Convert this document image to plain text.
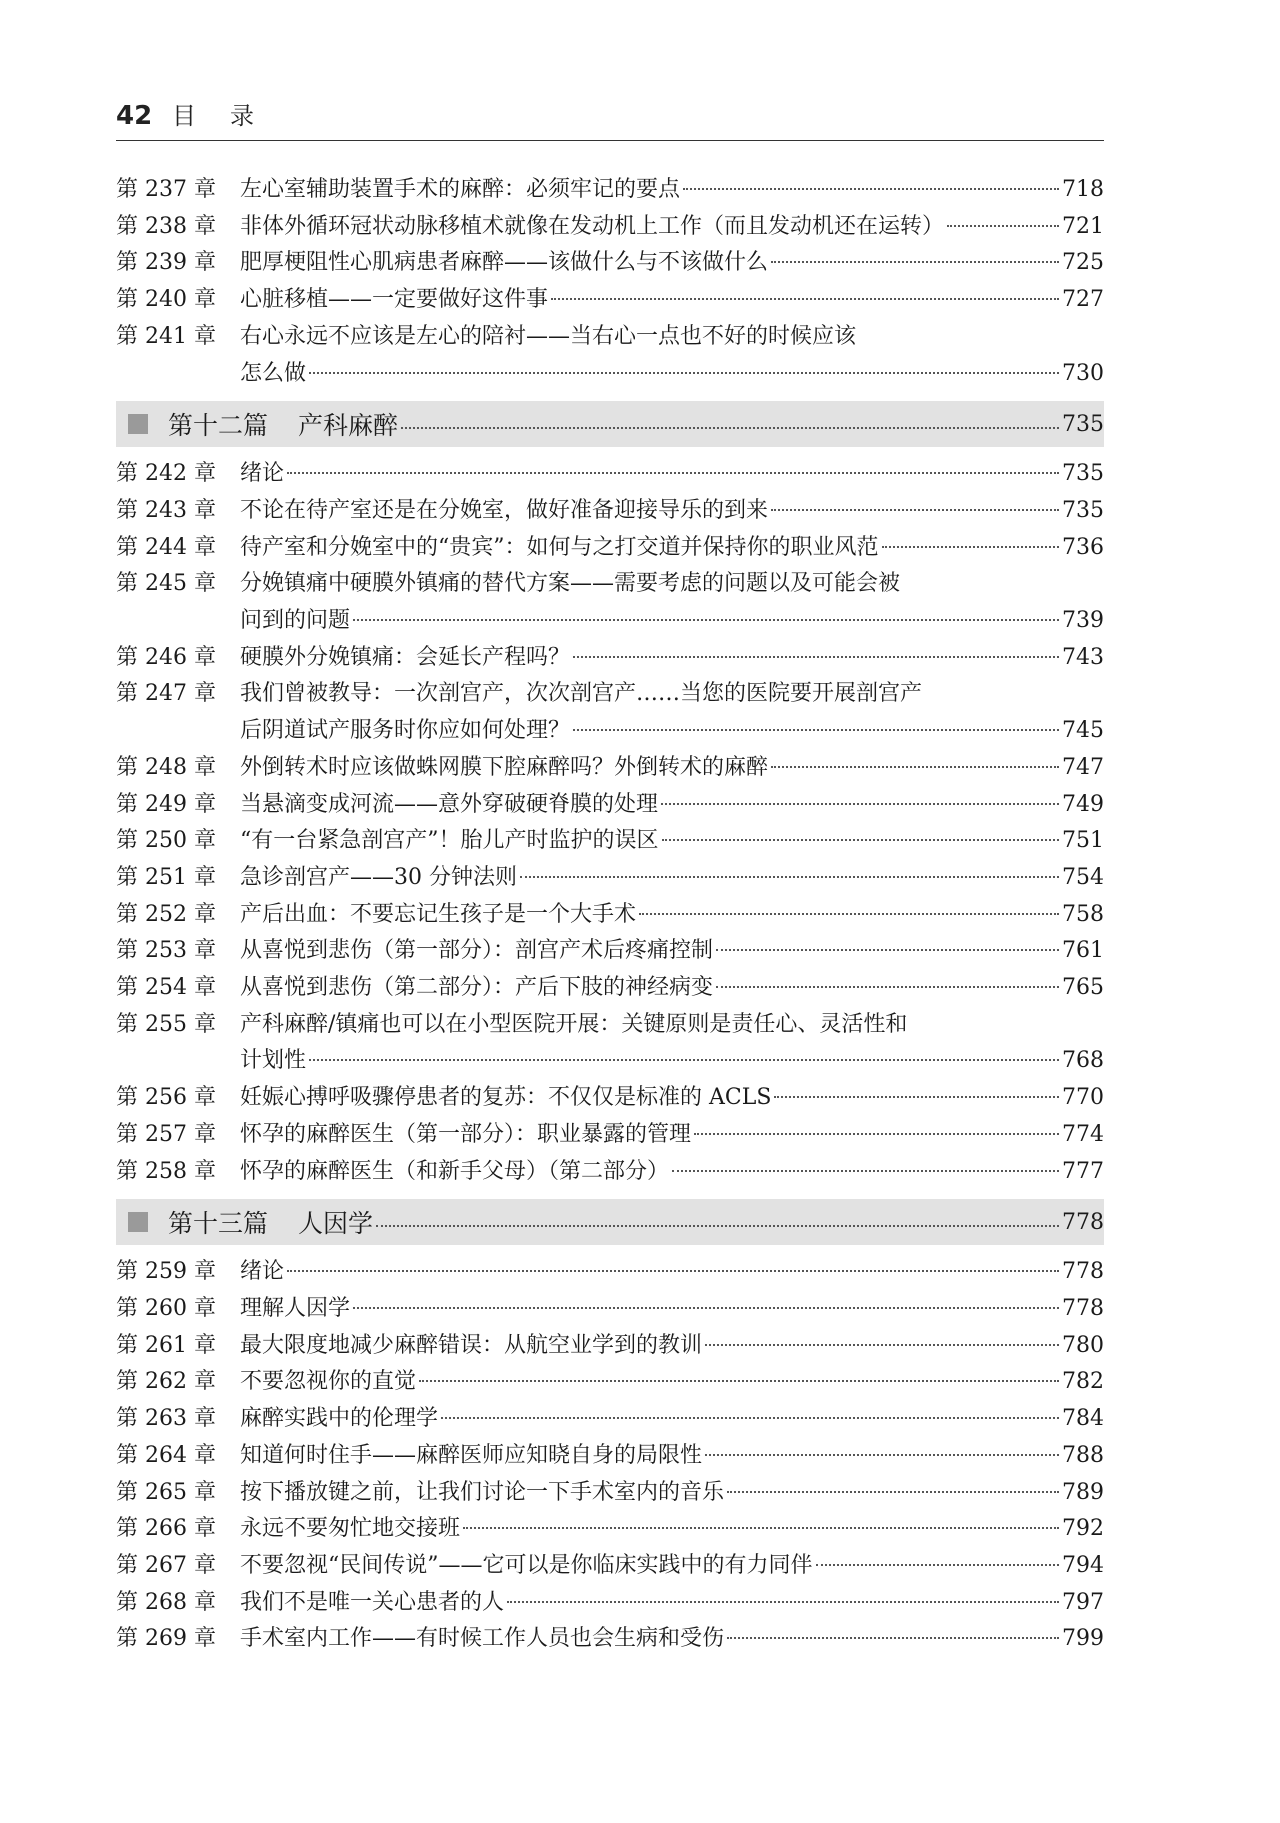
42 目录
第 237 章	左心室辅助装置手术的麻醉：必须牢记的要点	718
第 238 章	非体外循环冠状动脉移植术就像在发动机上工作（而且发动机还在运转）	721
第 239 章	肥厚梗阻性心肌病患者麻醉——该做什么与不该做什么	725
第 240 章	心脏移植——一定要做好这件事	727
第 241 章	右心永远不应该是左心的陪衬——当右心一点也不好的时候应该
怎么做	730
第十二篇 产科麻醉	735
第 242 章	绪论	735
第 243 章	不论在待产室还是在分娩室，做好准备迎接导乐的到来	735
第 244 章	待产室和分娩室中的“贵宾”：如何与之打交道并保持你的职业风范	736
第 245 章	分娩镇痛中硬膜外镇痛的替代方案——需要考虑的问题以及可能会被
问到的问题	739
第 246 章	硬膜外分娩镇痛：会延长产程吗？	743
第 247 章	我们曾被教导：一次剖宫产，次次剖宫产……当您的医院要开展剖宫产
后阴道试产服务时你应如何处理？	745
第 248 章	外倒转术时应该做蛛网膜下腔麻醉吗？外倒转术的麻醉	747
第 249 章	当悬滴变成河流——意外穿破硬脊膜的处理	749
第 250 章	“有一台紧急剖宫产”！胎儿产时监护的误区	751
第 251 章	急诊剖宫产——30 分钟法则	754
第 252 章	产后出血：不要忘记生孩子是一个大手术	758
第 253 章	从喜悦到悲伤（第一部分）：剖宫产术后疼痛控制	761
第 254 章	从喜悦到悲伤（第二部分）：产后下肢的神经病变	765
第 255 章	产科麻醉/镇痛也可以在小型医院开展：关键原则是责任心、灵活性和
计划性	768
第 256 章	妊娠心搏呼吸骤停患者的复苏：不仅仅是标准的 ACLS	770
第 257 章	怀孕的麻醉医生（第一部分）：职业暴露的管理	774
第 258 章	怀孕的麻醉医生（和新手父母）（第二部分）	777
第十三篇 人因学	778
第 259 章	绪论	778
第 260 章	理解人因学	778
第 261 章	最大限度地减少麻醉错误：从航空业学到的教训	780
第 262 章	不要忽视你的直觉	782
第 263 章	麻醉实践中的伦理学	784
第 264 章	知道何时住手——麻醉医师应知晓自身的局限性	788
第 265 章	按下播放键之前，让我们讨论一下手术室内的音乐	789
第 266 章	永远不要匆忙地交接班	792
第 267 章	不要忽视“民间传说”——它可以是你临床实践中的有力同伴	794
第 268 章	我们不是唯一关心患者的人	797
第 269 章	手术室内工作——有时候工作人员也会生病和受伤	799
